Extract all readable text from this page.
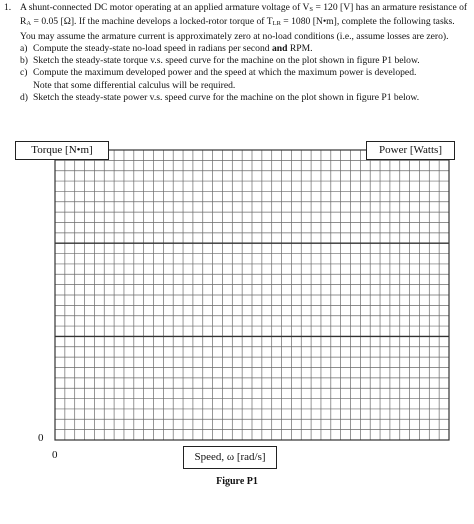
1. A shunt-connected DC motor operating at an applied armature voltage of VS = 120 [V] has an armature resistance of RA = 0.05 [Ω]. If the machine develops a locked-rotor torque of TLR = 1080 [N•m], complete the following tasks. You may assume the armature current is approximately zero at no-load conditions (i.e., assume losses are zero).

a) Compute the steady-state no-load speed in radians per second and RPM.
b) Sketch the steady-state torque v.s. speed curve for the machine on the plot shown in figure P1 below.
c) Compute the maximum developed power and the speed at which the maximum power is developed.
Note that some differential calculus will be required.
d) Sketch the steady-state power v.s. speed curve for the machine on the plot shown in figure P1 below.
Torque [N•m]	Power [Watts]
Speed, ω [rad/s]
0
0
Figure P1
